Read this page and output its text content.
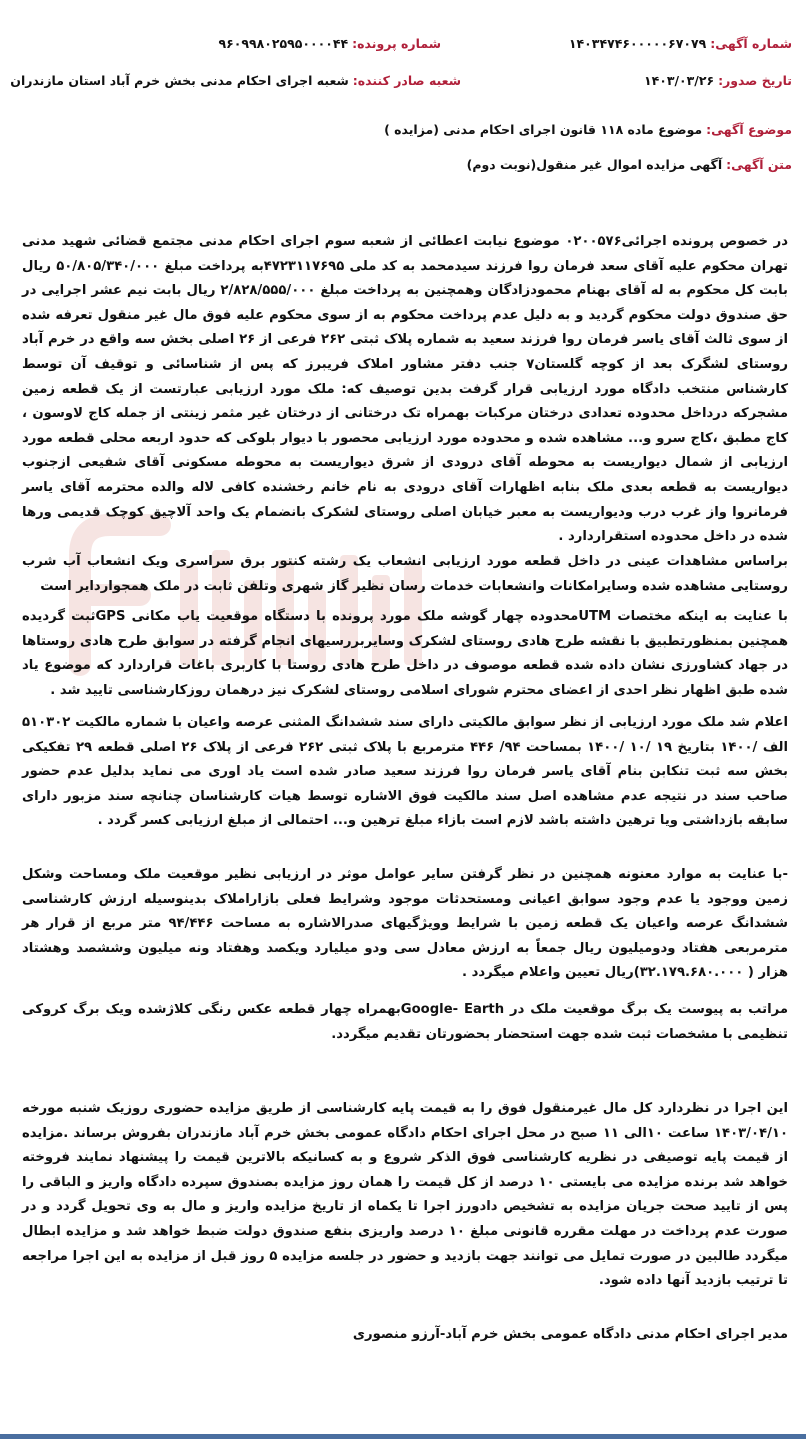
شماره آگهی: ۱۴۰۳۴۷۴۶۰۰۰۰۰۶۷۰۷۹
شماره پرونده: ۹۶۰۹۹۸۰۲۵۹۵۰۰۰۰۴۴
تاریخ صدور: ۱۴۰۳/۰۳/۲۶
شعبه صادر کننده: شعبه اجرای احکام مدنی بخش خرم آباد استان مازندران
موضوع آگهی: موضوع ماده ۱۱۸ قانون اجرای احکام مدنی (مزایده )
متن آگهی: آگهی مزایده اموال غیر منقول(نوبت دوم)
در خصوص پرونده اجرائی۰۲۰۰۵۷۶ موضوع نیابت اعطائی از شعبه سوم اجرای احکام مدنی مجتمع قضائی شهید مدنی تهران محکوم علیه آقای سعد فرمان روا فرزند سیدمحمد به کد ملی ۴۷۲۳۱۱۷۶۹۵به پرداخت مبلغ ۵۰/۸۰۵/۳۴۰/۰۰۰ ریال بابت کل محکوم به له آقای بهنام محمودزادگان وهمچنین به پرداخت مبلغ ۲/۸۲۸/۵۵۵/۰۰۰ ریال بابت نیم عشر اجرایی در حق صندوق دولت محکوم گردید و به دلیل عدم پرداخت محکوم به از سوی محکوم علیه فوق مال غیر منقول تعرفه شده از سوی ثالث آقای یاسر فرمان روا فرزند سعید به شماره پلاک ثبتی ۲۶۲ فرعی از ۲۶ اصلی بخش سه واقع در خرم آباد روستای لشگرک بعد از کوچه گلستان۷ جنب دفتر مشاور املاک فریبرز که پس از شناسائی و توقیف آن توسط کارشناس منتخب دادگاه مورد ارزیابی قرار گرفت بدین توصیف که: ملک مورد ارزیابی عبارتست از یک قطعه زمین مشجرکه درداخل محدوده تعدادی درختان مرکبات بهمراه تک درختانی از درختان غیر مثمر زینتی از جمله کاج لاوسون ، کاج مطبق ،کاج سرو و... مشاهده شده و محدوده مورد ارزیابی محصور با دیوار بلوکی که حدود اربعه محلی قطعه مورد ارزیابی از شمال دیواریست به محوطه آقای درودی از شرق دیواریست به محوطه مسکونی آقای شفیعی ازجنوب دیواریست به قطعه بعدی ملک بنابه اظهارات آقای درودی به نام خانم رخشنده کافی لاله والده محترمه آقای یاسر فرمانروا واز غرب درب ودیواریست به معبر خیابان اصلی روستای لشکرک بانضمام یک واحد آلاچیق کوچک قدیمی ورها شده در داخل محدوده استقراردارد .
براساس مشاهدات عینی در داخل قطعه مورد ارزیابی انشعاب یک رشته کنتور برق سراسری ویک انشعاب آب شرب روستایی مشاهده شده وسایرامکانات وانشعابات خدمات رسان نظیر گاز شهری وتلفن ثابت در ملک همجواردایر است
با عنایت به اینکه مختصات UTMمحدوده چهار گوشه ملک مورد پرونده با دستگاه موقعیت یاب مکانی GPSثبت گردیده همچنین بمنظورتطبیق با نقشه طرح هادی روستای لشکرک وسایربررسیهای انجام گرفته در سوابق طرح هادی روستاها در جهاد کشاورزی نشان داده شده قطعه موصوف در داخل طرح هادی روستا با کاربری باغات قراردارد که موضوع یاد شده طبق اظهار نظر احدی از اعضای محترم شورای اسلامی روستای لشکرک نیز درهمان روزکارشناسی تایید شد .
اعلام شد ملک مورد ارزیابی از نظر سوابق مالکیتی دارای سند ششدانگ المثنی عرصه واعیان با شماره مالکیت ۵۱۰۳۰۲ الف /۱۴۰۰ بتاریخ ۱۹ /۱۰ /۱۴۰۰ بمساحت ۹۴/ ۴۴۶ مترمربع با پلاک ثبتی ۲۶۲ فرعی از پلاک ۲۶ اصلی قطعه ۲۹ تفکیکی بخش سه ثبت تنکابن بنام آقای یاسر فرمان روا فرزند سعید صادر شده است یاد اوری می نماید بدلیل عدم حضور صاحب سند در نتیجه عدم مشاهده اصل سند مالکیت فوق الاشاره توسط هیات کارشناسان چنانچه سند مزبور دارای سابقه بازداشتی ویا ترهین داشته باشد لازم است بازاء مبلغ ترهین و... احتمالی از مبلغ ارزیابی کسر گردد .
-با عنایت به موارد معنونه همچنین در نظر گرفتن سایر عوامل موثر در ارزیابی نظیر موقعیت ملک ومساحت وشکل زمین ووجود یا عدم وجود سوابق اعیانی ومستحدثات موجود وشرایط فعلی بازاراملاک بدینوسیله ارزش کارشناسی ششدانگ عرصه واعیان یک قطعه زمین با شرایط وویژگیهای صدرالاشاره به مساحت ۹۴/۴۴۶ متر مربع از قرار هر مترمربعی هفتاد ودومیلیون ریال جمعاً به ارزش معادل سی ودو میلیارد ویکصد وهفتاد ونه میلیون وششصد وهشتاد هزار ( ۳۲.۱۷۹.۶۸۰.۰۰۰)ریال تعیین واعلام میگردد .
مراتب به پیوست یک برگ موقعیت ملک در Google- Earthبهمراه چهار قطعه عکس رنگی کلاژشده ویک برگ کروکی تنظیمی با مشخصات ثبت شده جهت استحضار بحضورتان تقدیم میگردد.
این اجرا در نظردارد کل مال غیرمنقول فوق را به قیمت پایه کارشناسی از طریق مزایده حضوری روزیک شنبه مورخه ۱۴۰۳/۰۴/۱۰ ساعت ۱۰الی ۱۱ صبح در محل اجرای احکام دادگاه عمومی بخش خرم آباد مازندران بفروش برساند .مزایده از قیمت پایه توصیفی در نظریه کارشناسی فوق الذکر شروع و به کسانیکه بالاترین قیمت را پیشنهاد نمایند فروخته خواهد شد برنده مزایده می بایستی ۱۰ درصد از کل قیمت را همان روز مزایده بصندوق سپرده دادگاه واریز و الباقی را پس از تایید صحت جریان مزایده به تشخیص دادورز اجرا تا یکماه از تاریخ مزایده واریز و مال به وی تحویل گردد و در صورت عدم پرداخت در مهلت مقرره قانونی مبلغ ۱۰ درصد واریزی بنفع صندوق دولت ضبط خواهد شد و مزایده ابطال میگردد طالبین در صورت تمایل می توانند جهت بازدید و حضور در جلسه مزایده ۵ روز قبل از مزایده به این اجرا مراجعه تا ترتیب بازدید آنها داده شود.
مدیر اجرای احکام مدنی دادگاه عمومی بخش خرم آباد-آرزو منصوری
